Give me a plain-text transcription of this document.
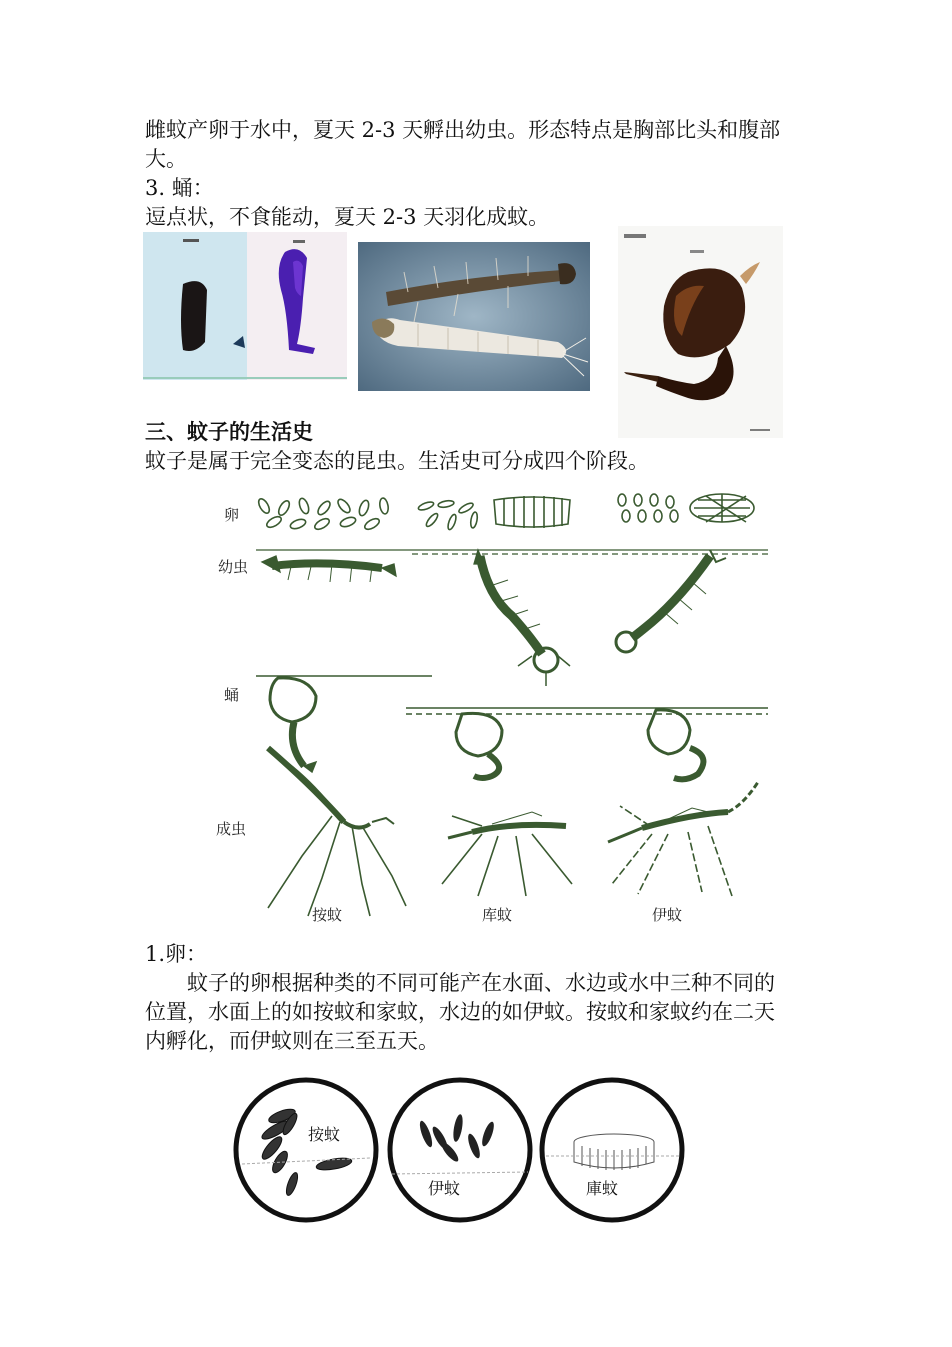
雌蚊产卵于水中，夏天 2-3 天孵出幼虫。形态特点是胸部比头和腹部
大。
3. 蛹：
逗点状，不食能动，夏天 2-3 天羽化成蚊。
三、蚊子的生活史
蚊子是属于完全变态的昆虫。生活史可分成四个阶段。
卵
幼虫
蛹
成虫
按蚊	库蚊	伊蚊
1.卵：
蚊子的卵根据种类的不同可能产在水面、水边或水中三种不同的
位置，水面上的如按蚊和家蚊，水边的如伊蚊。按蚊和家蚊约在二天
内孵化，而伊蚊则在三至五天。
按蚊
伊蚊	庫蚊
